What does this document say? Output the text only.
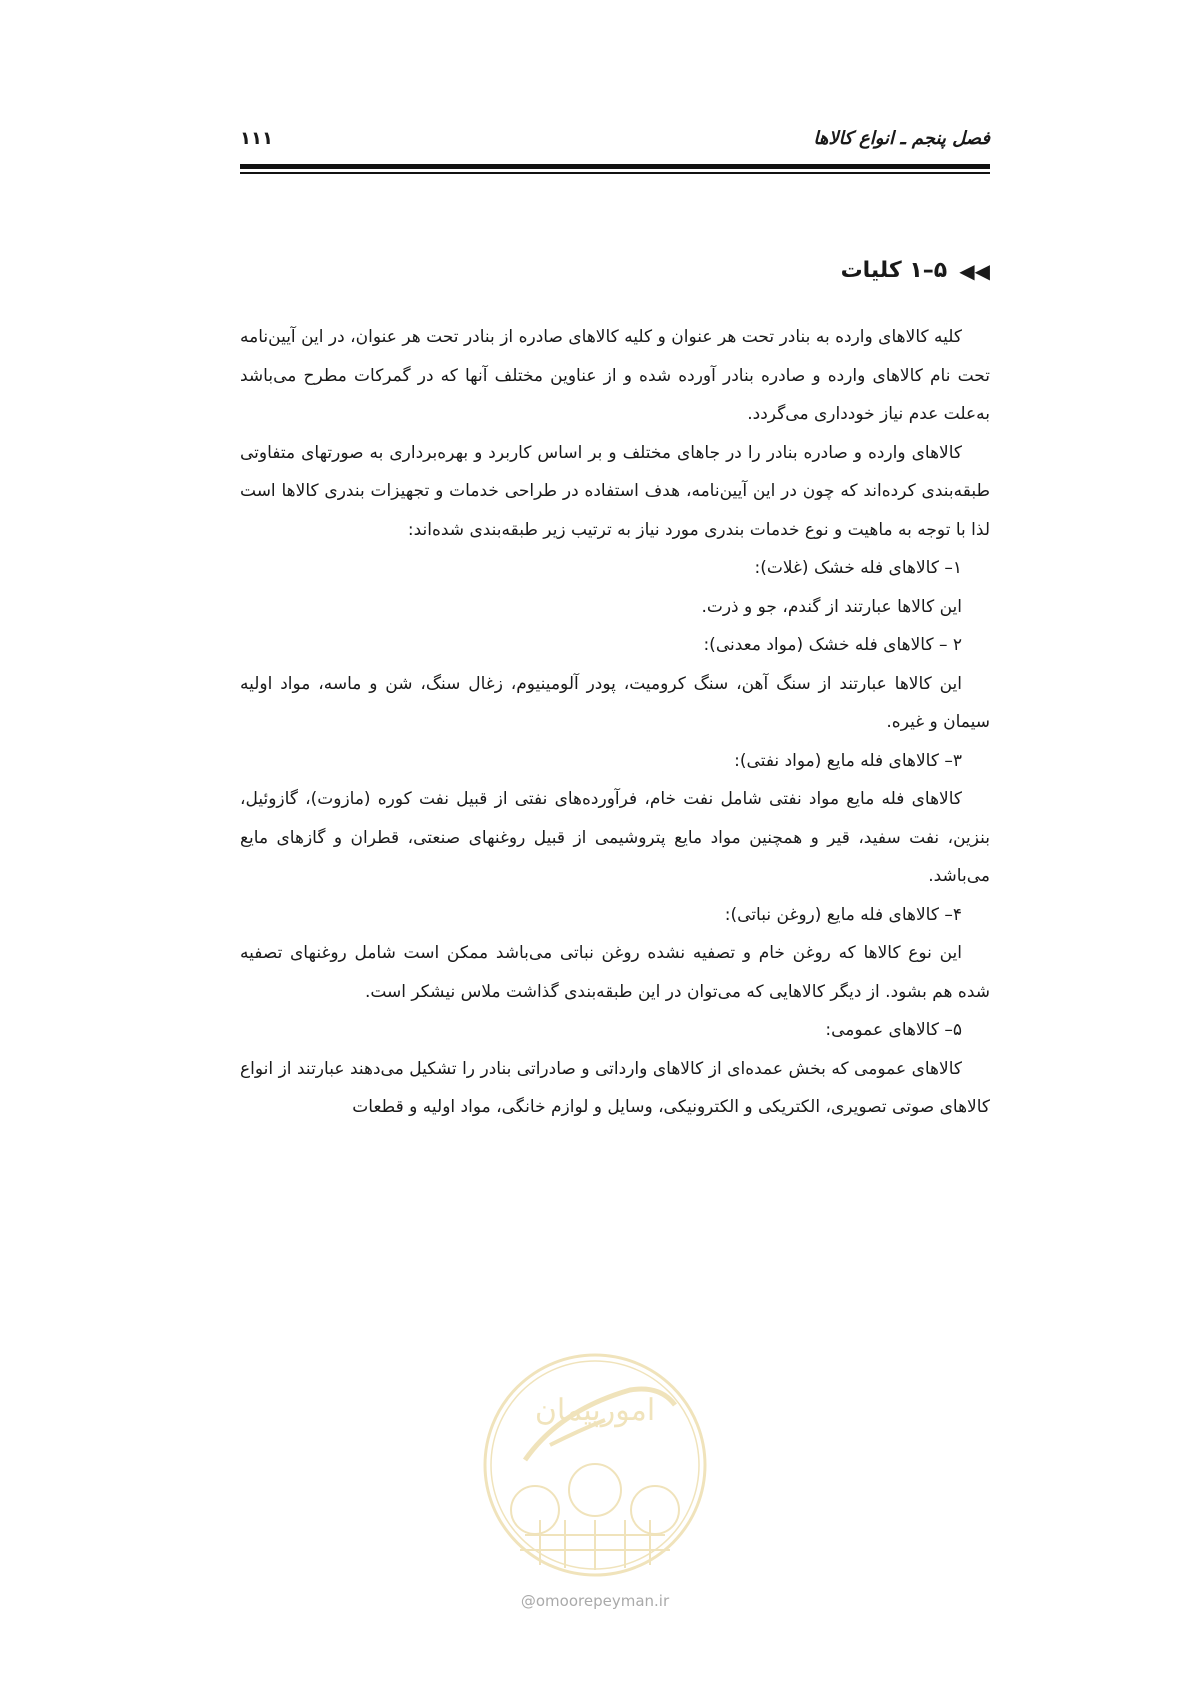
فصل پنجم ـ انواع کالاها
۱۱۱
◀◀
۵–۱ کلیات

کلیه کالاهای وارده به بنادر تحت هر عنوان و کلیه کالاهای صادره از بنادر تحت هر عنوان، در این آیین‌نامه تحت نام کالاهای وارده و صادره بنادر آورده شده و از عناوین مختلف آنها که در گمرکات مطرح می‌باشد به‌علت عدم نیاز خودداری می‌گردد.

کالاهای وارده و صادره بنادر را در جاهای مختلف و بر اساس کاربرد و بهره‌برداری به صورتهای متفاوتی طبقه‌بندی کرده‌اند که چون در این آیین‌نامه، هدف استفاده در طراحی خدمات و تجهیزات بندری کالاها است لذا با توجه به ماهیت و نوع خدمات بندری مورد نیاز به ترتیب زیر طبقه‌بندی شده‌اند:

۱– کالاهای فله خشک (غلات):

این کالاها عبارتند از گندم، جو و ذرت.

۲ – کالاهای فله خشک (مواد معدنی):

این کالاها عبارتند از سنگ آهن، سنگ کرومیت، پودر آلومینیوم، زغال سنگ، شن و ماسه، مواد اولیه سیمان و غیره.

۳– کالاهای فله مایع (مواد نفتی):

کالاهای فله مایع مواد نفتی شامل نفت خام، فرآورده‌های نفتی از قبیل نفت کوره (مازوت)، گازوئیل، بنزین، نفت سفید، قیر و همچنین مواد مایع پتروشیمی از قبیل روغنهای صنعتی، قطران و گازهای مایع می‌باشد.

۴– کالاهای فله مایع (روغن نباتی):

این نوع کالاها که روغن خام و تصفیه نشده روغن نباتی می‌باشد ممکن است شامل روغنهای تصفیه شده هم بشود. از دیگر کالاهایی که می‌توان در این طبقه‌بندی گذاشت ملاس نیشکر است.

۵– کالاهای عمومی:

کالاهای عمومی که بخش عمده‌ای از کالاهای وارداتی و صادراتی بنادر را تشکیل می‌دهند عبارتند از انواع کالاهای صوتی تصویری، الکتریکی و الکترونیکی، وسایل و لوازم خانگی، مواد اولیه و قطعات

امورپیمان
@omoorepeyman.ir
